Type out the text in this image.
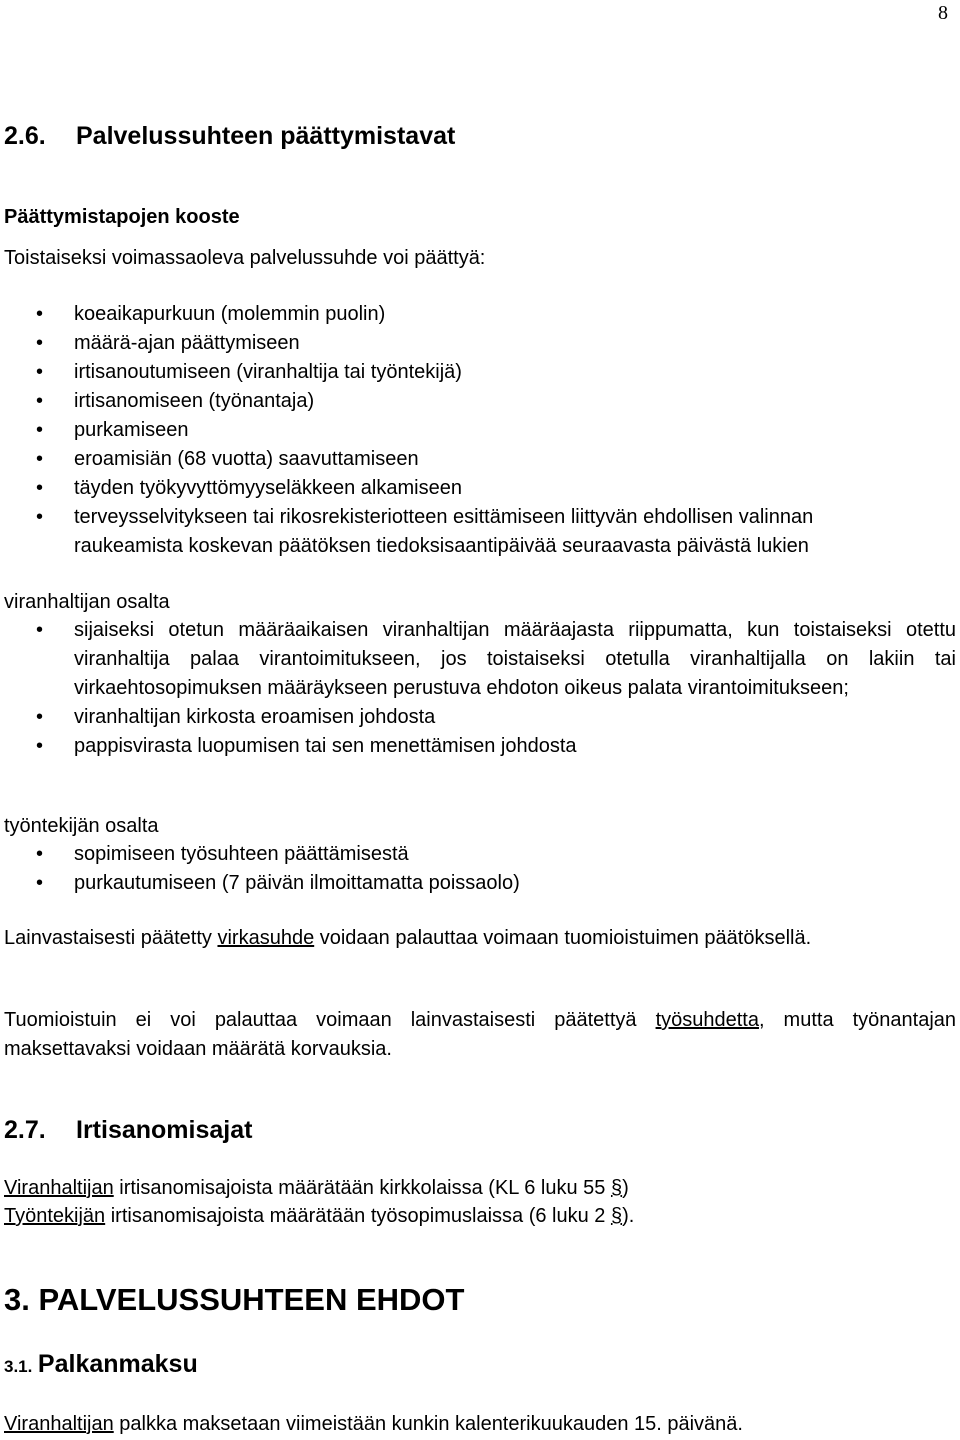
8
2.6. Palvelussuhteen päättymistavat
Päättymistapojen kooste
Toistaiseksi voimassaoleva palvelussuhde voi päättyä:
• koeaikapurkuun (molemmin puolin)
• määrä-ajan päättymiseen
• irtisanoutumiseen (viranhaltija tai työntekijä)
• irtisanomiseen (työnantaja)
• purkamiseen
• eroamisiän (68 vuotta) saavuttamiseen
• täyden työkyvyttömyyseläkkeen alkamiseen
• terveysselvitykseen tai rikosrekisteriotteen esittämiseen liittyvän ehdollisen valinnan
raukeamista koskevan päätöksen tiedoksisaantipäivää seuraavasta päivästä lukien
viranhaltijan osalta
• sijaiseksi otetun määräaikaisen viranhaltijan määräajasta riippumatta, kun toistaiseksi otettu viranhaltija palaa virantoimitukseen, jos toistaiseksi otetulla viranhaltijalla on lakiin tai virkaehtosopimuksen määräykseen perustuva ehdoton oikeus palata virantoimitukseen;
• viranhaltijan kirkosta eroamisen johdosta
• pappisvirasta luopumisen tai sen menettämisen johdosta
työntekijän osalta
• sopimiseen työsuhteen päättämisestä
• purkautumiseen (7 päivän ilmoittamatta poissaolo)
Lainvastaisesti päätetty virkasuhde voidaan palauttaa voimaan tuomioistuimen päätöksellä.
Tuomioistuin ei voi palauttaa voimaan lainvastaisesti päätettyä työsuhdetta, mutta työnantajan maksettavaksi voidaan määrätä korvauksia.
2.7. Irtisanomisajat
Viranhaltijan irtisanomisajoista määrätään kirkkolaissa (KL 6 luku 55 §)
Työntekijän irtisanomisajoista määrätään työsopimuslaissa (6 luku 2 §).
3. PALVELUSSUHTEEN EHDOT
3.1. Palkanmaksu
Viranhaltijan palkka maksetaan viimeistään kunkin kalenterikuukauden 15. päivänä.
